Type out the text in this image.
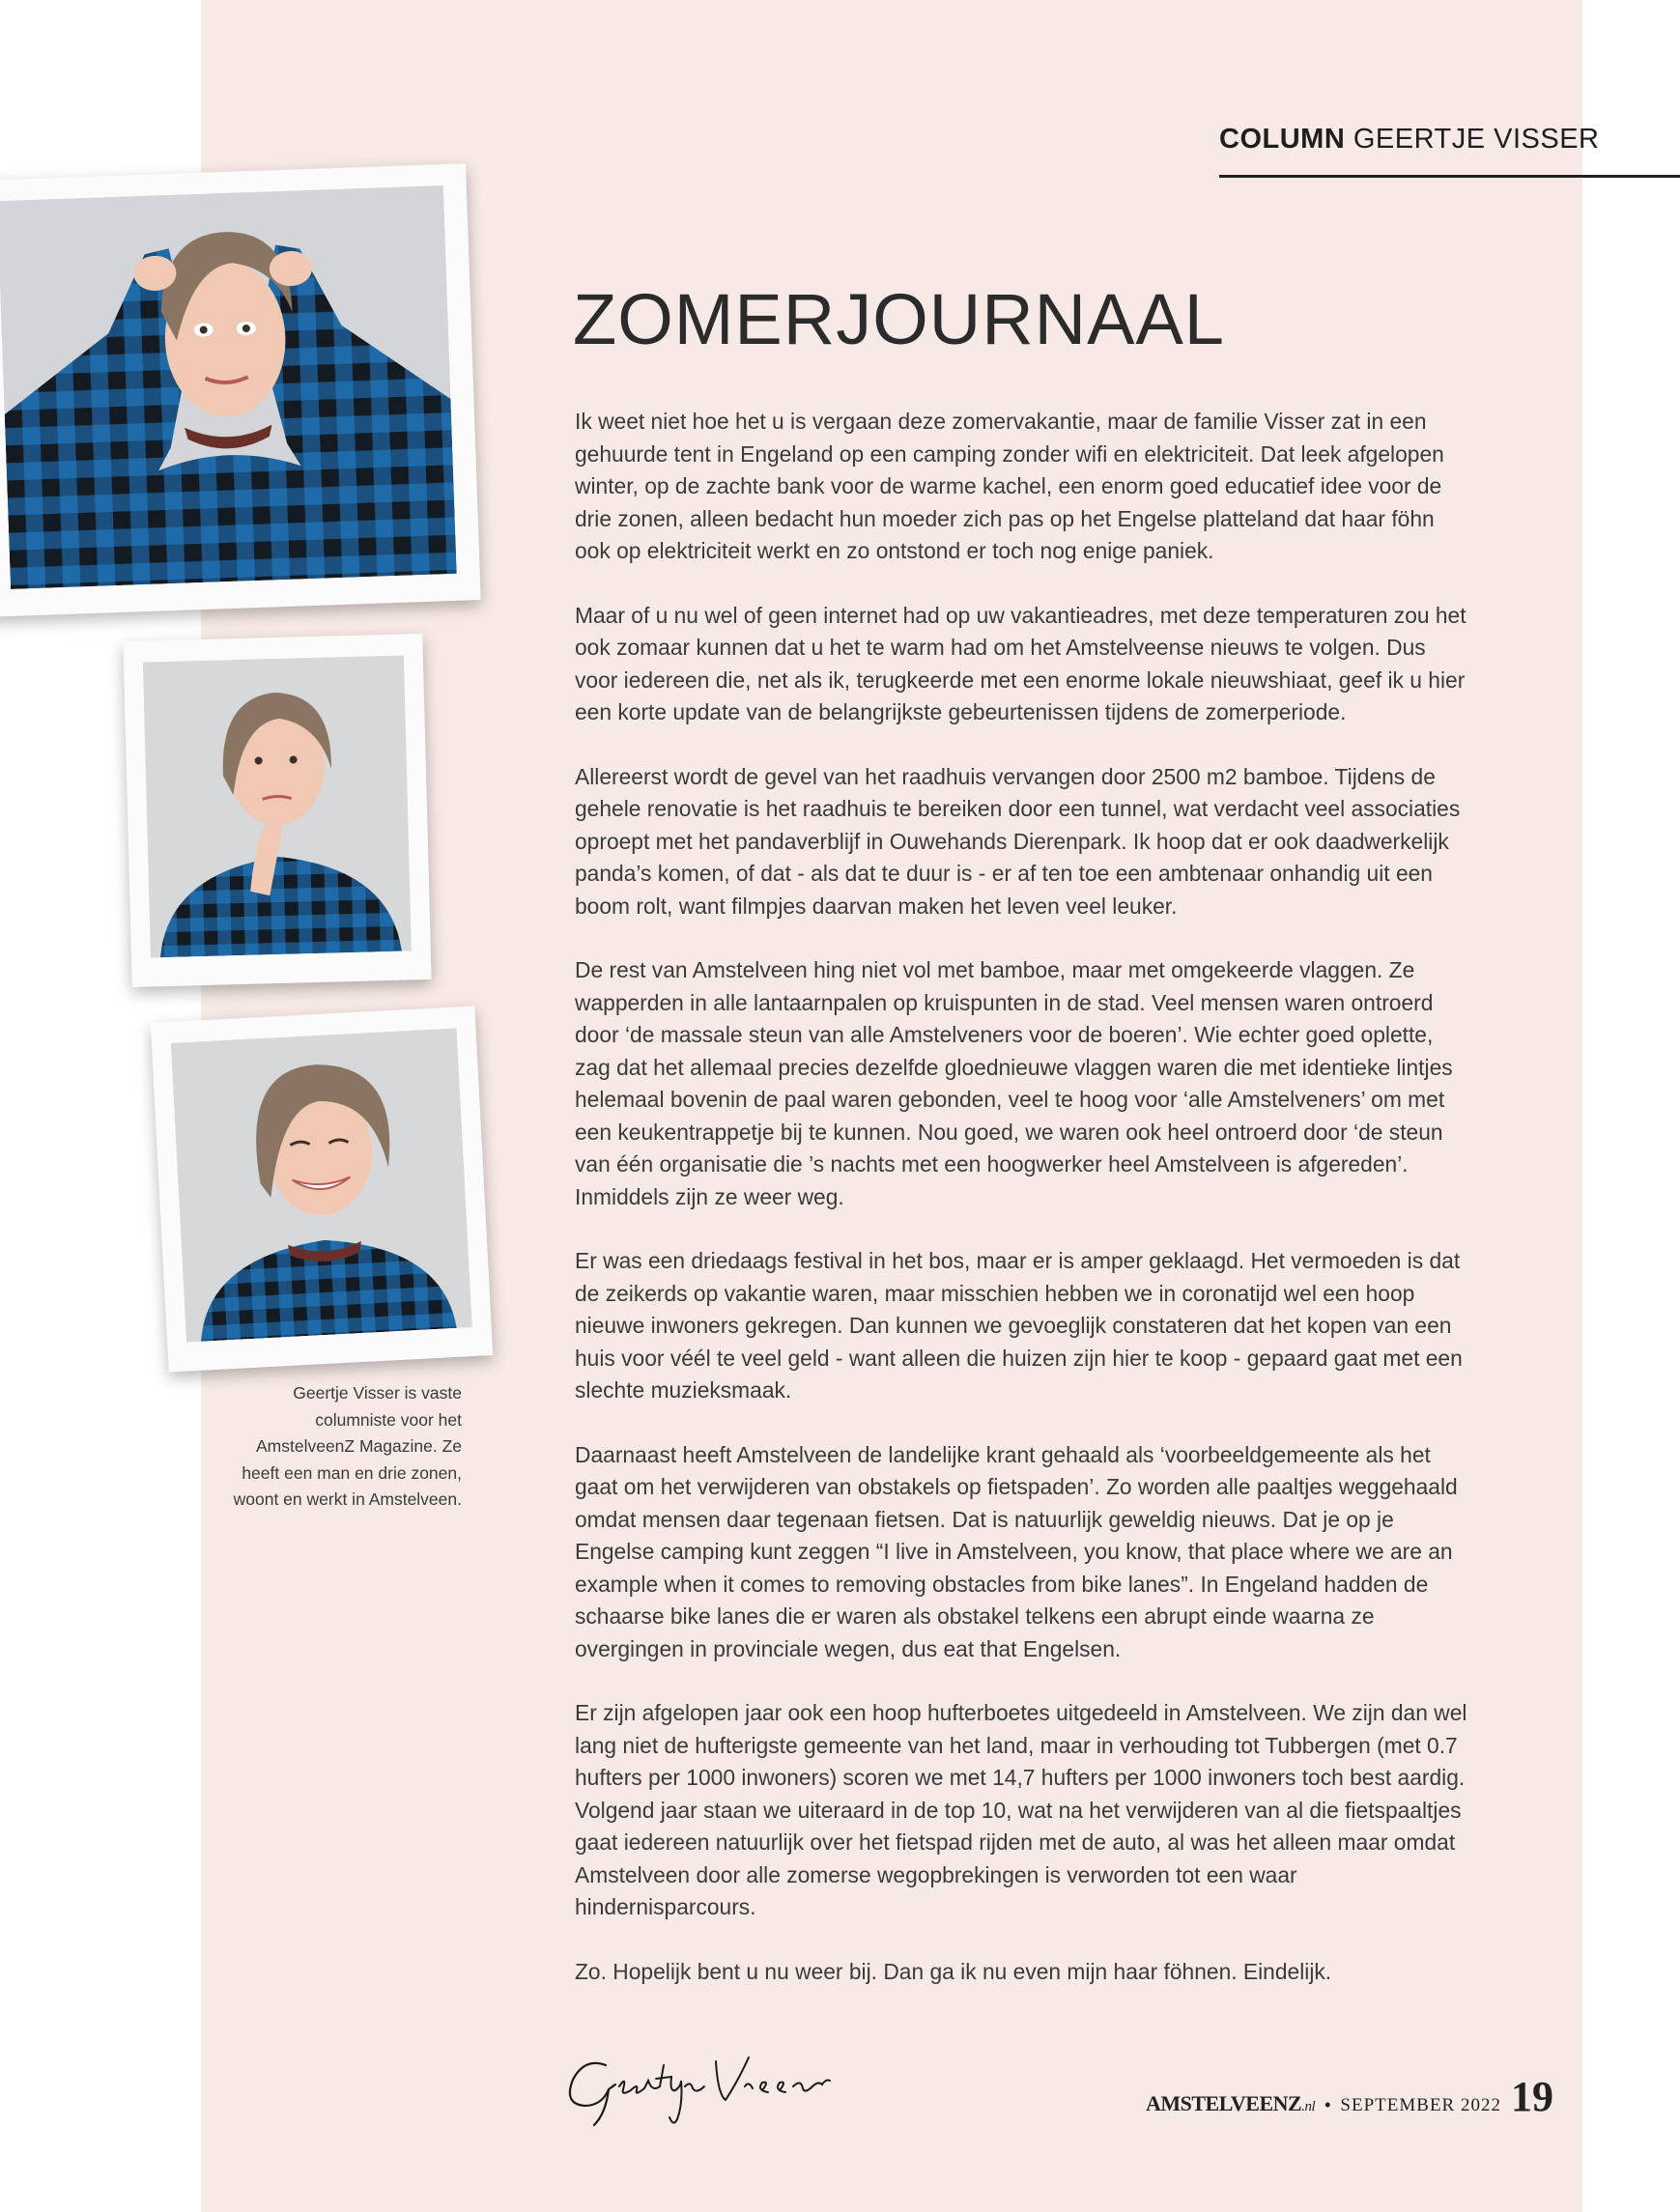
COLUMN GEERTJE VISSER
ZOMERJOURNAAL

Ik weet niet hoe het u is vergaan deze zomervakantie, maar de familie Visser zat in een gehuurde tent in Engeland op een camping zonder wifi en elektriciteit. Dat leek afgelopen winter, op de zachte bank voor de warme kachel, een enorm goed educatief idee voor de drie zonen, alleen bedacht hun moeder zich pas op het Engelse platteland dat haar föhn ook op elektriciteit werkt en zo ontstond er toch nog enige paniek.

Maar of u nu wel of geen internet had op uw vakantieadres, met deze temperaturen zou het ook zomaar kunnen dat u het te warm had om het Amstelveense nieuws te volgen. Dus voor iedereen die, net als ik, terugkeerde met een enorme lokale nieuwshiaat, geef ik u hier een korte update van de belangrijkste gebeurtenissen tijdens de zomerperiode.

Allereerst wordt de gevel van het raadhuis vervangen door 2500 m2 bamboe. Tijdens de gehele renovatie is het raadhuis te bereiken door een tunnel, wat verdacht veel associaties oproept met het pandaverblijf in Ouwehands Dierenpark. Ik hoop dat er ook daadwerkelijk panda’s komen, of dat - als dat te duur is - er af ten toe een ambtenaar onhandig uit een boom rolt, want filmpjes daarvan maken het leven veel leuker.

De rest van Amstelveen hing niet vol met bamboe, maar met omgekeerde vlaggen. Ze wapperden in alle lantaarnpalen op kruispunten in de stad. Veel mensen waren ontroerd door ‘de massale steun van alle Amstelveners voor de boeren’. Wie echter goed oplette, zag dat het allemaal precies dezelfde gloednieuwe vlaggen waren die met identieke lintjes helemaal bovenin de paal waren gebonden, veel te hoog voor ‘alle Amstelveners’ om met een keukentrappetje bij te kunnen. Nou goed, we waren ook heel ontroerd door ‘de steun van één organisatie die ’s nachts met een hoogwerker heel Amstelveen is afgereden’. Inmiddels zijn ze weer weg.

Er was een driedaags festival in het bos, maar er is amper geklaagd. Het vermoeden is dat de zeikerds op vakantie waren, maar misschien hebben we in coronatijd wel een hoop nieuwe inwoners gekregen. Dan kunnen we gevoeglijk constateren dat het kopen van een huis voor véél te veel geld - want alleen die huizen zijn hier te koop - gepaard gaat met een slechte muzieksmaak.

Daarnaast heeft Amstelveen de landelijke krant gehaald als ‘voorbeeldgemeente als het gaat om het verwijderen van obstakels op fietspaden’. Zo worden alle paaltjes weggehaald omdat mensen daar tegenaan fietsen. Dat is natuurlijk geweldig nieuws. Dat je op je Engelse camping kunt zeggen “I live in Amstelveen, you know, that place where we are an example when it comes to removing obstacles from bike lanes”. In Engeland hadden de schaarse bike lanes die er waren als obstakel telkens een abrupt einde waarna ze overgingen in provinciale wegen, dus eat that Engelsen.

Er zijn afgelopen jaar ook een hoop hufterboetes uitgedeeld in Amstelveen. We zijn dan wel lang niet de hufterigste gemeente van het land, maar in verhouding tot Tubbergen (met 0.7 hufters per 1000 inwoners) scoren we met 14,7 hufters per 1000 inwoners toch best aardig. Volgend jaar staan we uiteraard in de top 10, wat na het verwijderen van al die fietspaaltjes gaat iedereen natuurlijk over het fietspad rijden met de auto, al was het alleen maar omdat Amstelveen door alle zomerse wegopbrekingen is verworden tot een waar hindernisparcours.

Zo. Hopelijk bent u nu weer bij. Dan ga ik nu even mijn haar föhnen. Eindelijk.

Geertje Visser is vaste columniste voor het AmstelveenZ Magazine. Ze heeft een man en drie zonen, woont en werkt in Amstelveen.
AMSTELVEENZ.nl • SEPTEMBER 2022 19
